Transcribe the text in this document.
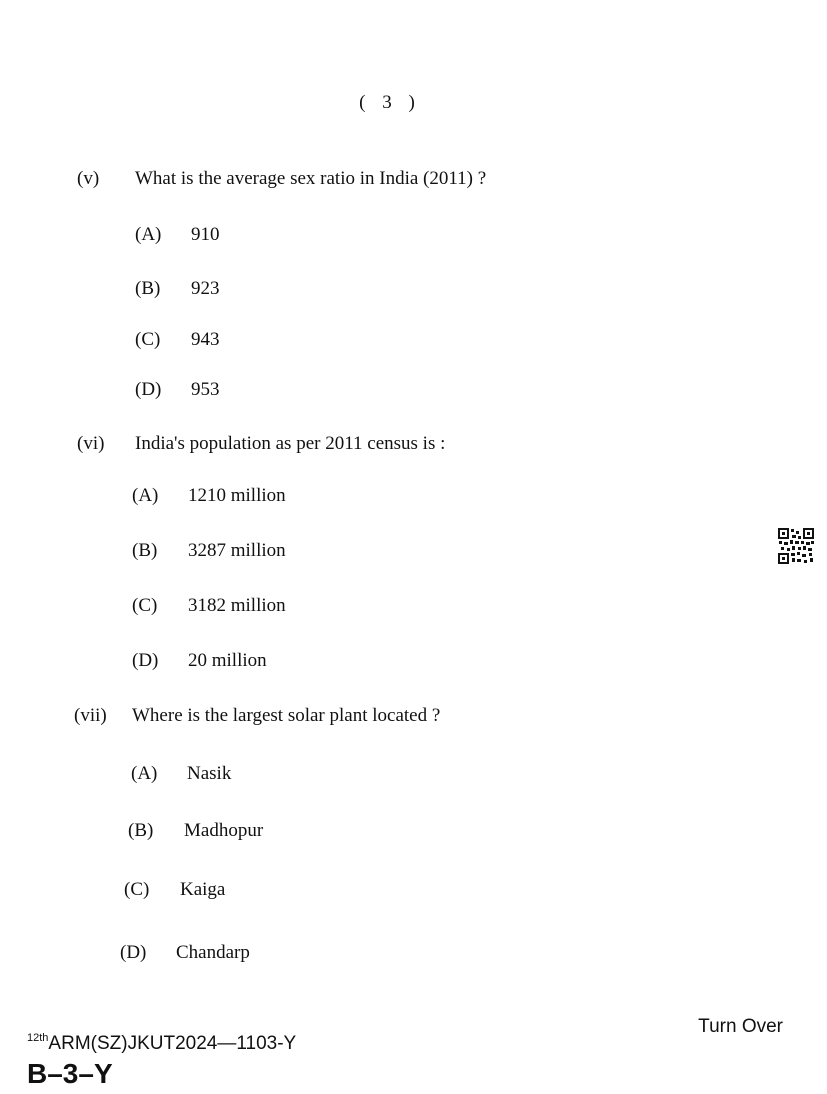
( 3 )
(v) What is the average sex ratio in India (2011) ?
(A) 910
(B) 923
(C) 943
(D) 953
(vi) India's population as per 2011 census is :
(A) 1210 million
(B) 3287 million
(C) 3182 million
(D) 20 million
(vii) Where is the largest solar plant located ?
(A) Nasik
(B) Madhopur
(C) Kaiga
(D) Chandarp
$^{12th}$ARM(SZ)JKUT2024—1103-Y
B–3–Y
Turn Over
